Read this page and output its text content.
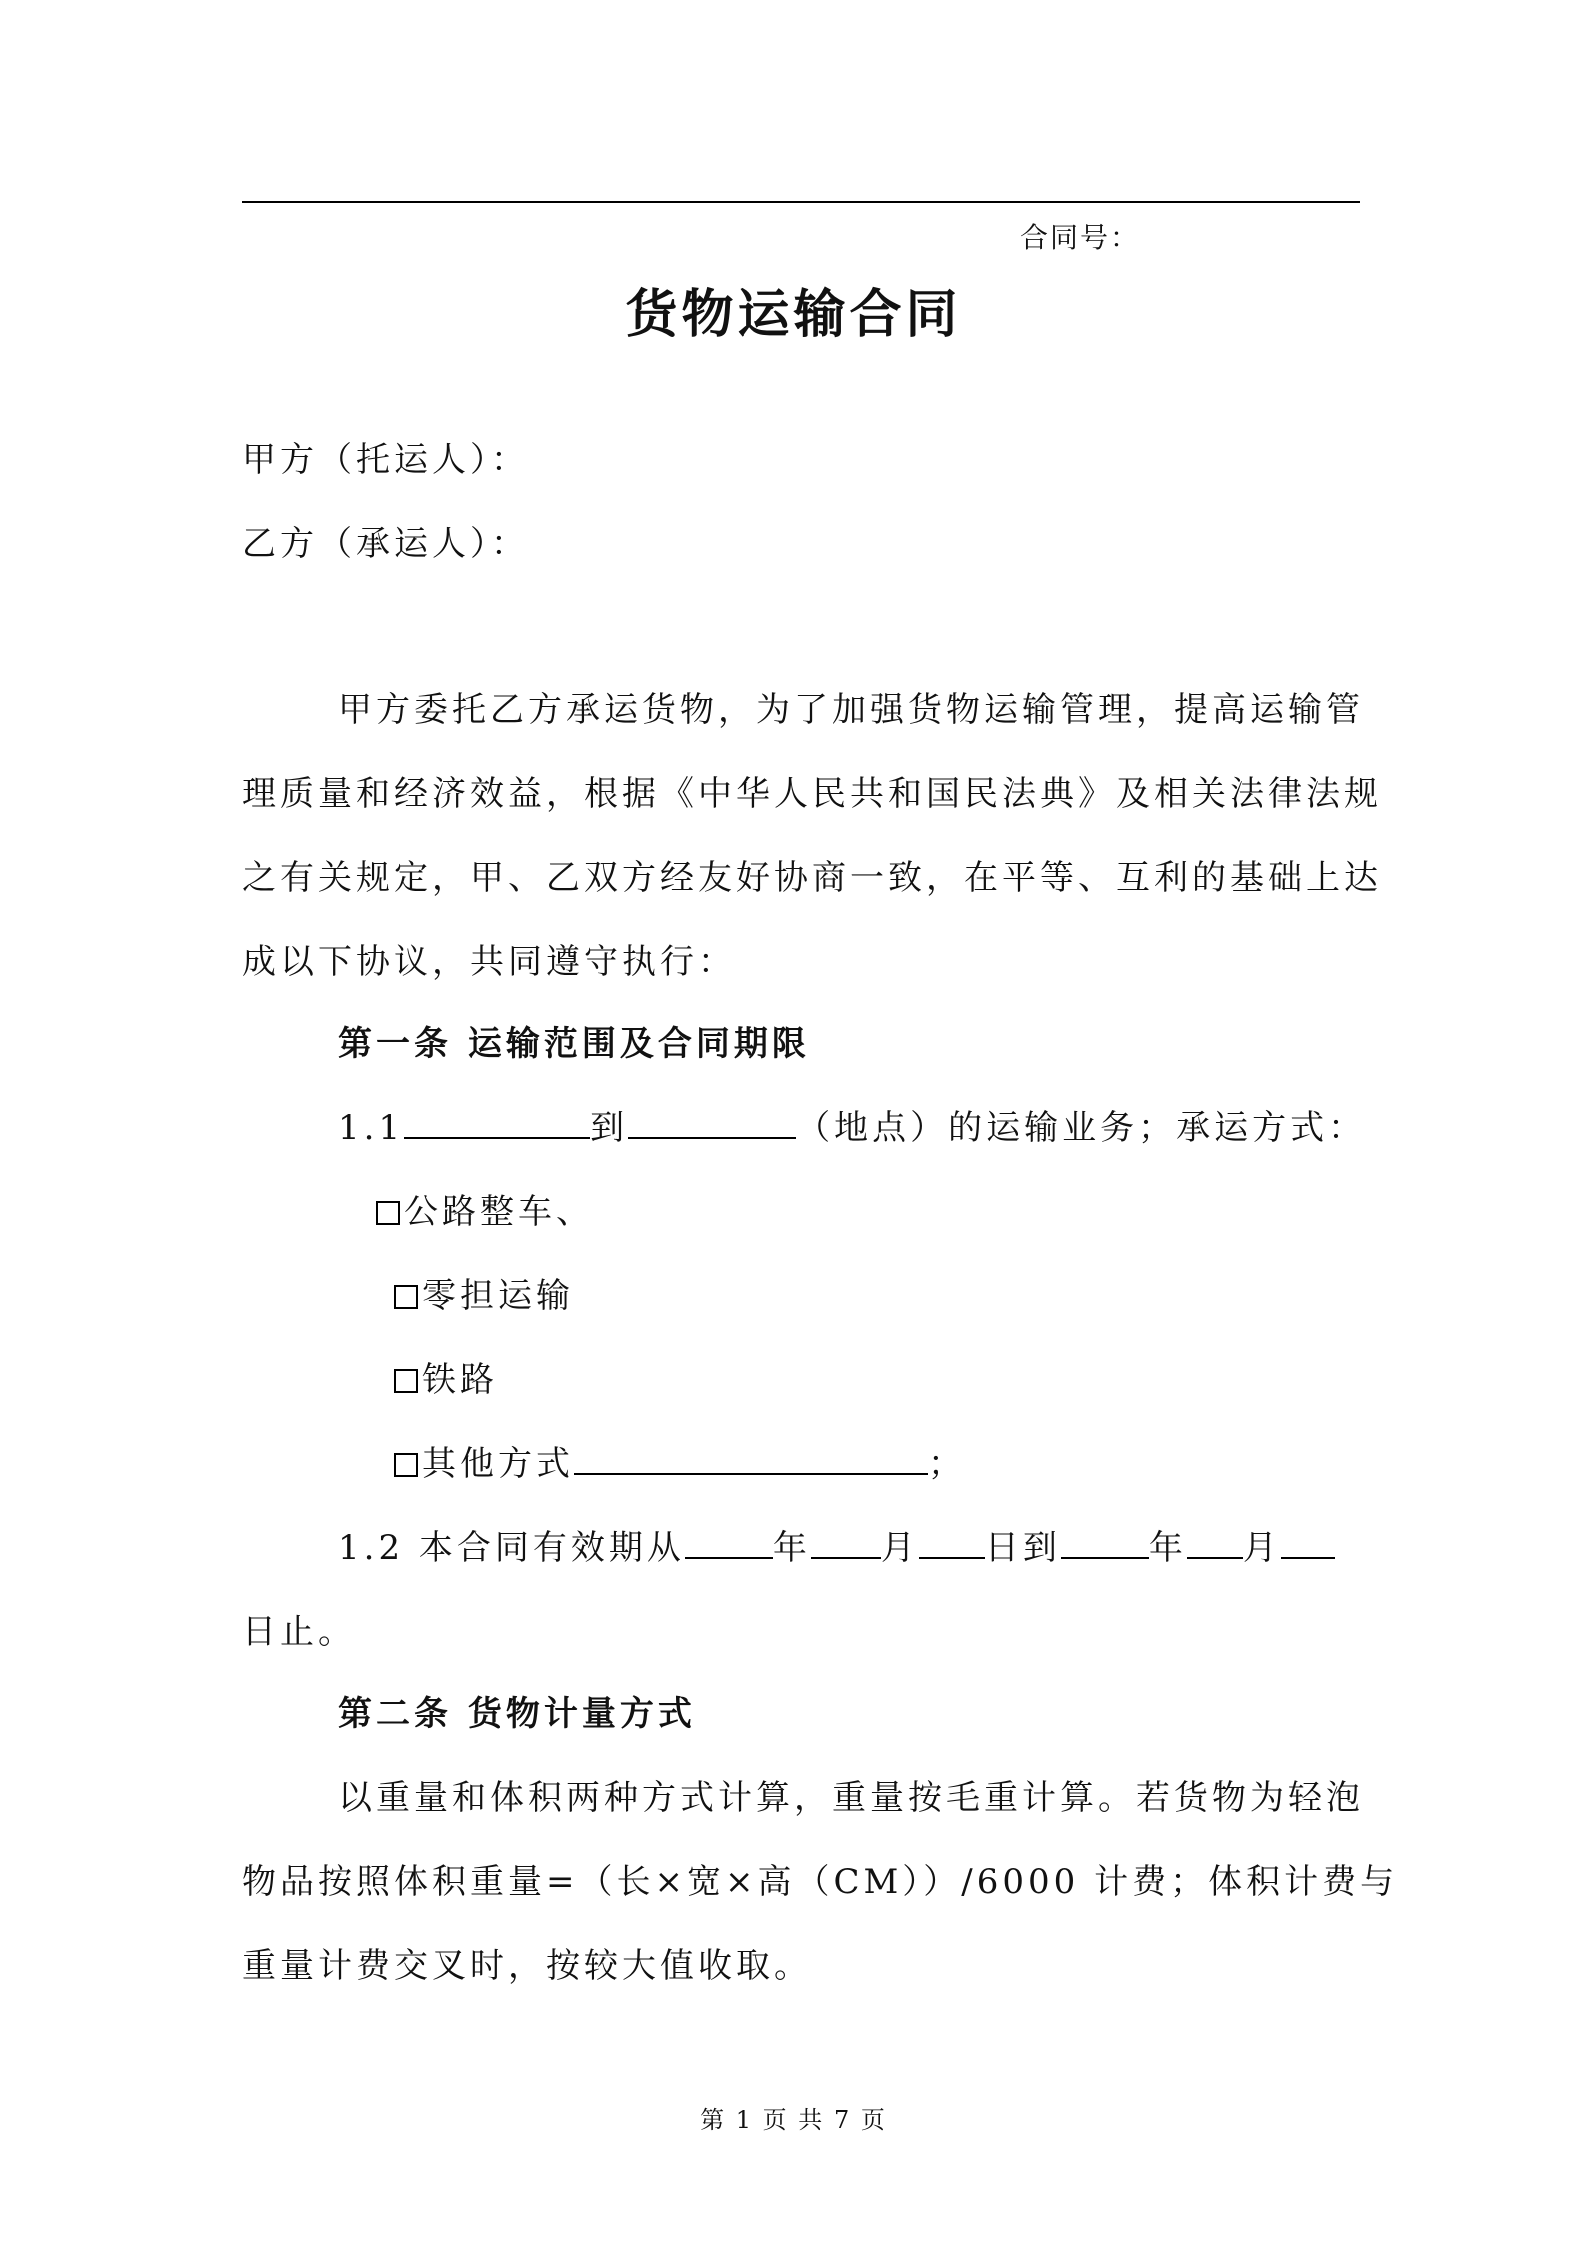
合同号：
货物运输合同
甲方（托运人）：
乙方（承运人）：
甲方委托乙方承运货物，为了加强货物运输管理，提高运输管
理质量和经济效益，根据《中华人民共和国民法典》及相关法律法规
之有关规定，甲、乙双方经友好协商一致，在平等、互利的基础上达
成以下协议，共同遵守执行：
第一条 运输范围及合同期限
1.1	到	（地点）的运输业务；承运方式：
公路整车、
零担运输
铁路
其他方式	；
1.2 本合同有效期从	年 月 日到	年 月
日止。
第二条 货物计量方式
以重量和体积两种方式计算，重量按毛重计算。若货物为轻泡
物品按照体积重量=（长×宽×高（CM））/6000 计费；体积计费与
重量计费交叉时，按较大值收取。
第 1 页 共 7 页
